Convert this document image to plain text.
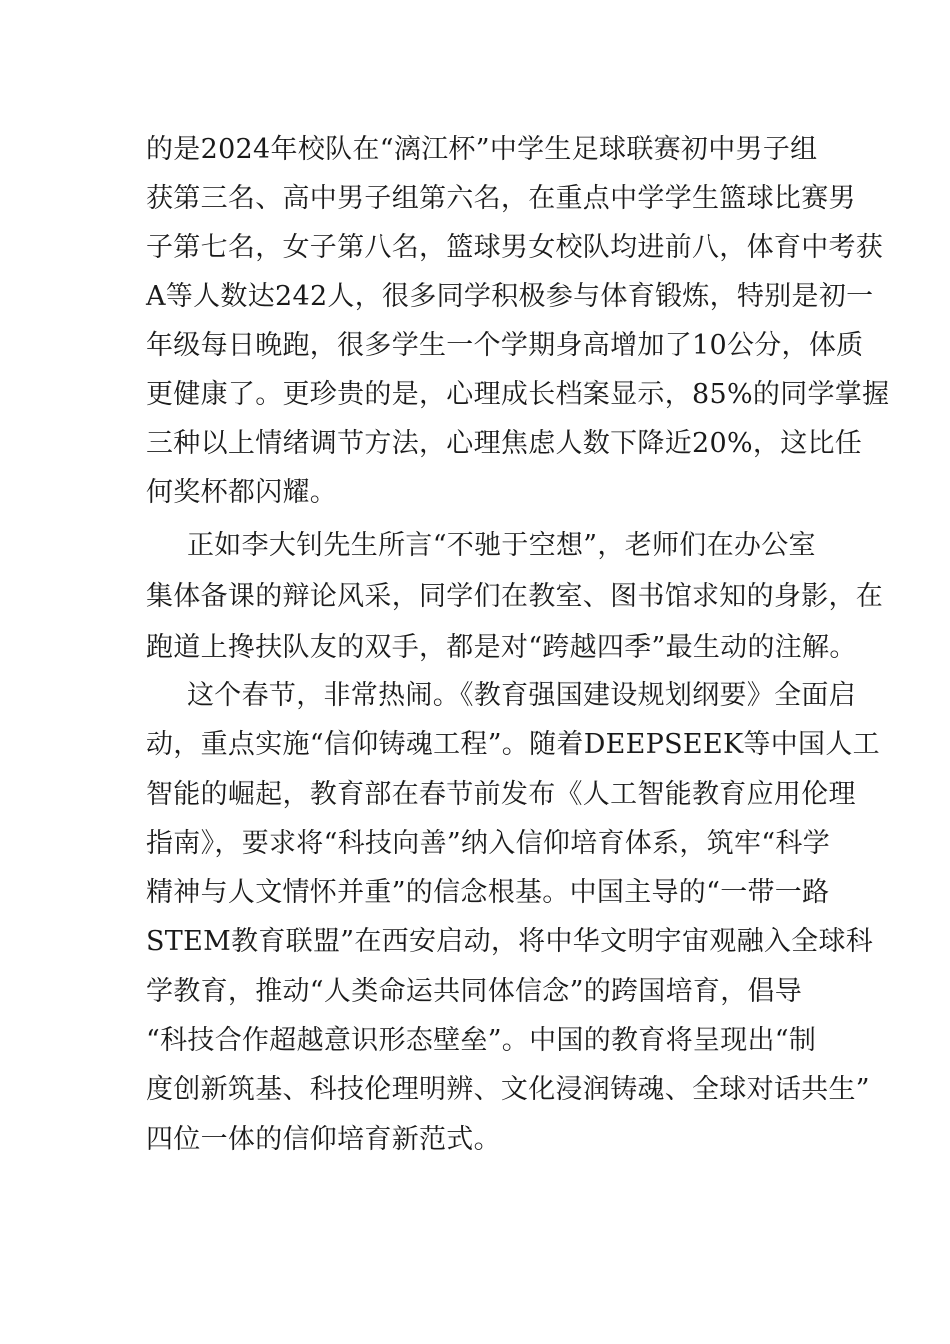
的是2024年校队在“漓江杯”中学生足球联赛初中男子组
获第三名、高中男子组第六名，在重点中学学生篮球比赛男
子第七名，女子第八名，篮球男女校队均进前八，体育中考获
A等人数达242人，很多同学积极参与体育锻炼，特别是初一
年级每日晚跑，很多学生一个学期身高增加了10公分，体质
更健康了。更珍贵的是，心理成长档案显示，85%的同学掌握
三种以上情绪调节方法，心理焦虑人数下降近20%，这比任
何奖杯都闪耀。
正如李大钊先生所言“不驰于空想”，老师们在办公室
集体备课的辩论风采，同学们在教室、图书馆求知的身影，在
跑道上搀扶队友的双手，都是对“跨越四季”最生动的注解。
这个春节，非常热闹。《教育强国建设规划纲要》全面启
动，重点实施“信仰铸魂工程”。随着DEEPSEEK等中国人工
智能的崛起，教育部在春节前发布《人工智能教育应用伦理
指南》，要求将“科技向善”纳入信仰培育体系，筑牢“科学
精神与人文情怀并重”的信念根基。中国主导的“一带一路
STEM教育联盟”在西安启动，将中华文明宇宙观融入全球科
学教育，推动“人类命运共同体信念”的跨国培育，倡导
“科技合作超越意识形态壁垒”。中国的教育将呈现出“制
度创新筑基、科技伦理明辨、文化浸润铸魂、全球对话共生”
四位一体的信仰培育新范式。
